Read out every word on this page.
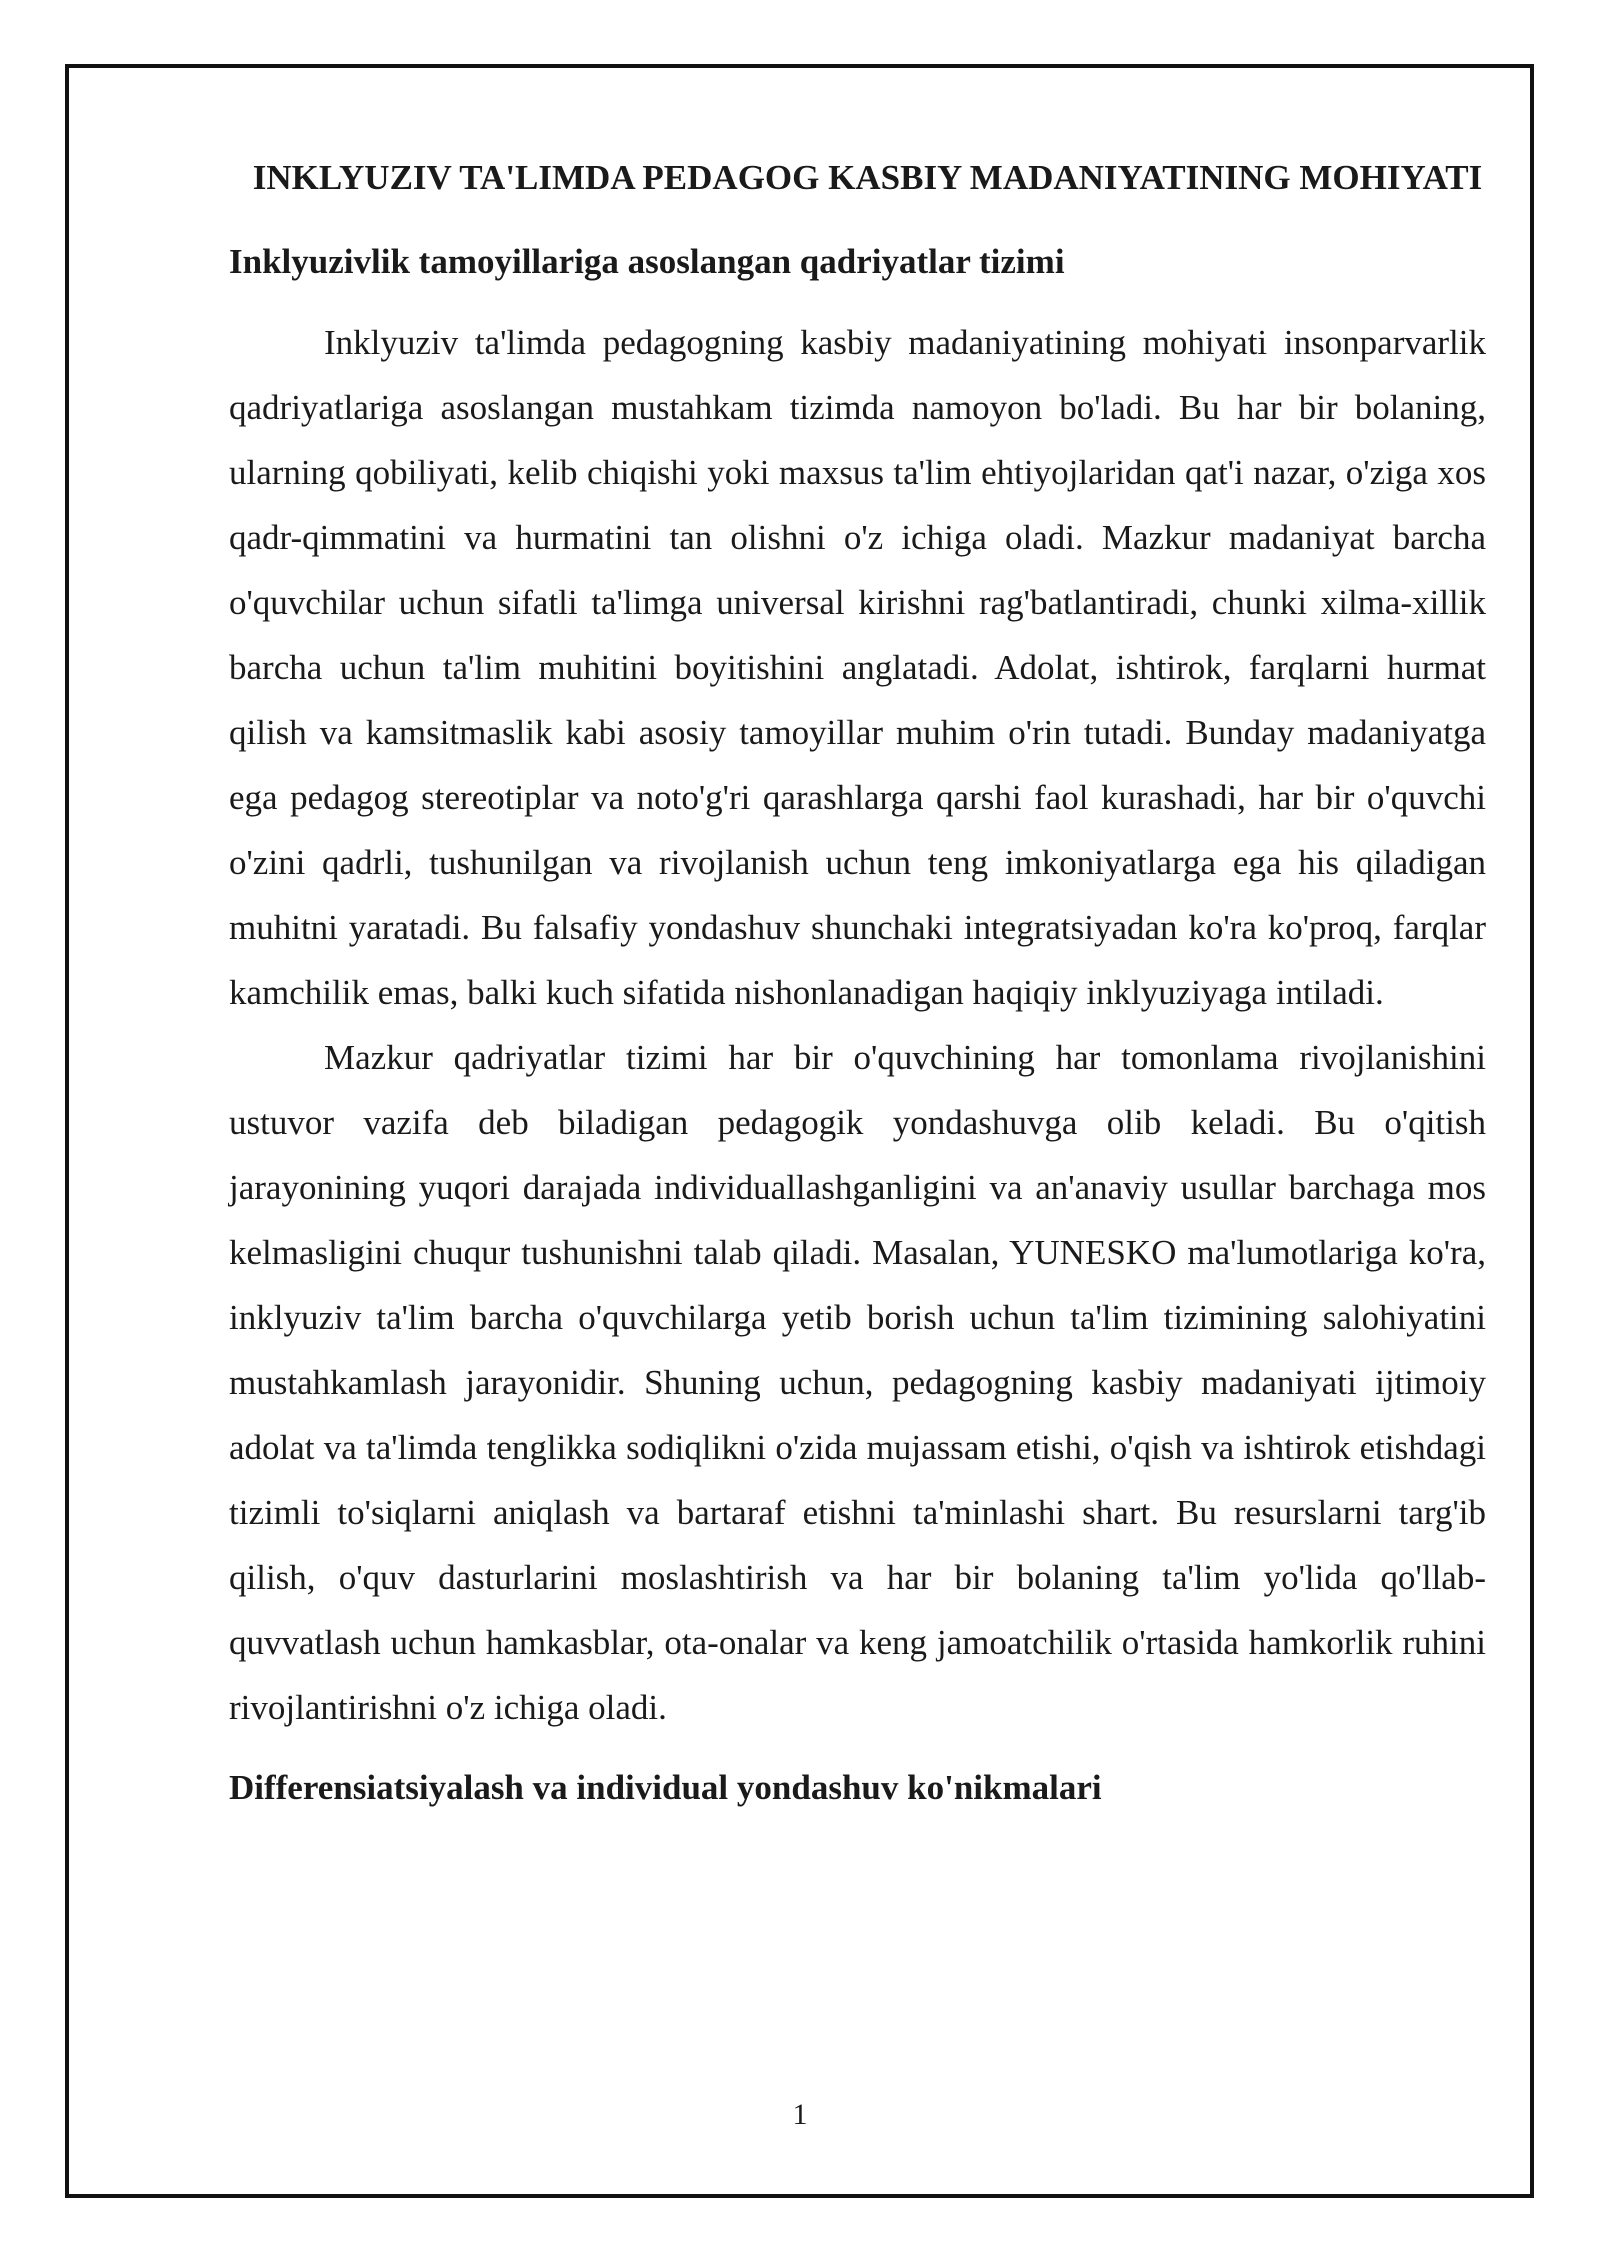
INKLYUZIV TA'LIMDA PEDAGOG KASBIY MADANIYATINING MOHIYATI
Inklyuzivlik tamoyillariga asoslangan qadriyatlar tizimi

Inklyuziv ta'limda pedagogning kasbiy madaniyatining mohiyati insonparvarlik qadriyatlariga asoslangan mustahkam tizimda namoyon bo'ladi. Bu har bir bolaning, ularning qobiliyati, kelib chiqishi yoki maxsus ta'lim ehtiyojlaridan qat'i nazar, o'ziga xos qadr-qimmatini va hurmatini tan olishni o'z ichiga oladi. Mazkur madaniyat barcha o'quvchilar uchun sifatli ta'limga universal kirishni rag'batlantiradi, chunki xilma-xillik barcha uchun ta'lim muhitini boyitishini anglatadi. Adolat, ishtirok, farqlarni hurmat qilish va kamsitmaslik kabi asosiy tamoyillar muhim o'rin tutadi. Bunday madaniyatga ega pedagog stereotiplar va noto'g'ri qarashlarga qarshi faol kurashadi, har bir o'quvchi o'zini qadrli, tushunilgan va rivojlanish uchun teng imkoniyatlarga ega his qiladigan muhitni yaratadi. Bu falsafiy yondashuv shunchaki integratsiyadan ko'ra ko'proq, farqlar kamchilik emas, balki kuch sifatida nishonlanadigan haqiqiy inklyuziyaga intiladi.

Mazkur qadriyatlar tizimi har bir o'quvchining har tomonlama rivojlanishini ustuvor vazifa deb biladigan pedagogik yondashuvga olib keladi. Bu o'qitish jarayonining yuqori darajada individuallashganligini va an'anaviy usullar barchaga mos kelmasligini chuqur tushunishni talab qiladi. Masalan, YUNESKO ma'lumotlariga ko'ra, inklyuziv ta'lim barcha o'quvchilarga yetib borish uchun ta'lim tizimining salohiyatini mustahkamlash jarayonidir. Shuning uchun, pedagogning kasbiy madaniyati ijtimoiy adolat va ta'limda tenglikka sodiqlikni o'zida mujassam etishi, o'qish va ishtirok etishdagi tizimli to'siqlarni aniqlash va bartaraf etishni ta'minlashi shart. Bu resurslarni targ'ib qilish, o'quv dasturlarini moslashtirish va har bir bolaning ta'lim yo'lida qo'llab-quvvatlash uchun hamkasblar, ota-onalar va keng jamoatchilik o'rtasida hamkorlik ruhini rivojlantirishni o'z ichiga oladi.

Differensiatsiyalash va individual yondashuv ko'nikmalari
1
